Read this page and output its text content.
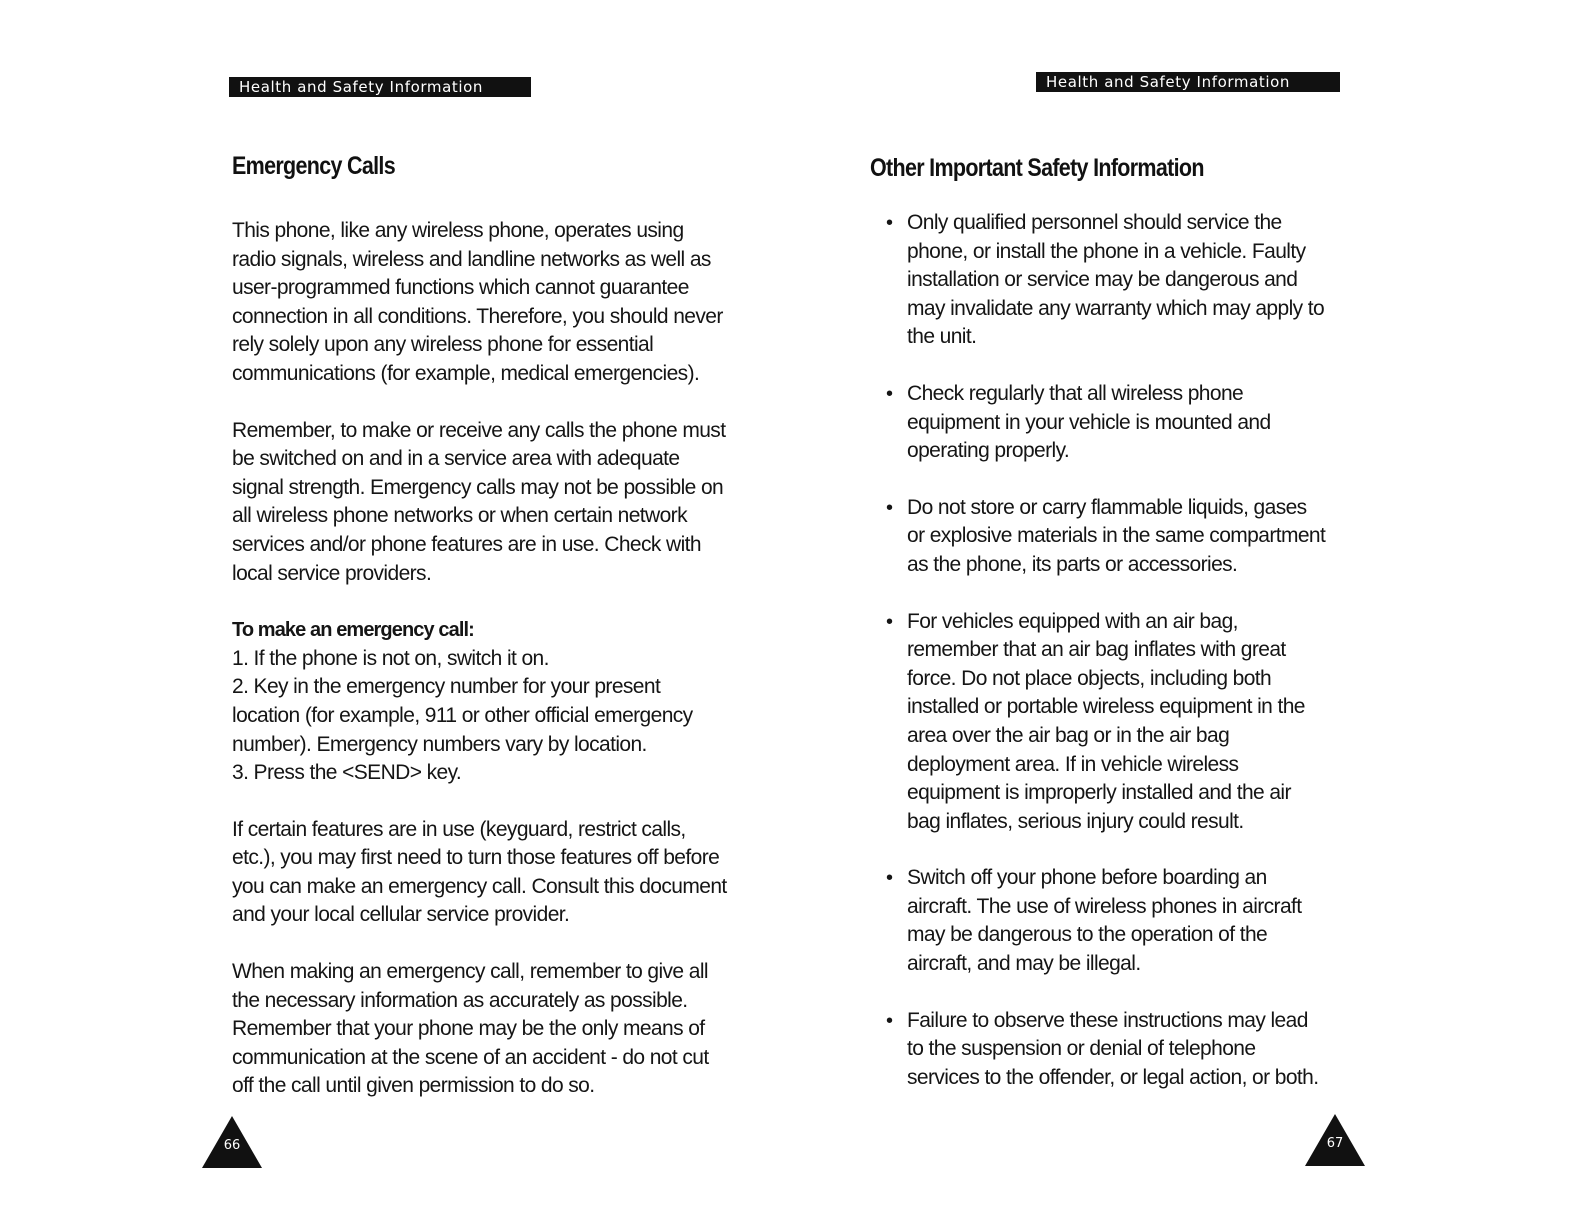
Health and Safety Information
Emergency Calls

This phone, like any wireless phone, operates using radio signals, wireless and landline networks as well as user-programmed functions which cannot guarantee connection in all conditions. Therefore, you should never rely solely upon any wireless phone for essential communications (for example, medical emergencies).

Remember, to make or receive any calls the phone must be switched on and in a service area with adequate signal strength. Emergency calls may not be possible on all wireless phone networks or when certain network services and/or phone features are in use. Check with local service providers.

To make an emergency call:

1. If the phone is not on, switch it on.

2. Key in the emergency number for your present location (for example, 911 or other official emergency number). Emergency numbers vary by location.

3. Press the <SEND> key.

If certain features are in use (keyguard, restrict calls, etc.), you may first need to turn those features off before you can make an emergency call. Consult this document and your local cellular service provider.

When making an emergency call, remember to give all the necessary information as accurately as possible. Remember that your phone may be the only means of communication at the scene of an accident - do not cut off the call until given permission to do so.

66
Health and Safety Information
Other Important Safety Information
• Only qualified personnel should service the phone, or install the phone in a vehicle. Faulty installation or service may be dangerous and may invalidate any warranty which may apply to the unit.
• Check regularly that all wireless phone equipment in your vehicle is mounted and operating properly.
• Do not store or carry flammable liquids, gases or explosive materials in the same compartment as the phone, its parts or accessories.
• For vehicles equipped with an air bag, remember that an air bag inflates with great force. Do not place objects, including both installed or portable wireless equipment in the area over the air bag or in the air bag deployment area. If in vehicle wireless equipment is improperly installed and the air bag inflates, serious injury could result.
• Switch off your phone before boarding an aircraft. The use of wireless phones in aircraft may be dangerous to the operation of the aircraft, and may be illegal.
• Failure to observe these instructions may lead to the suspension or denial of telephone services to the offender, or legal action, or both.
67
